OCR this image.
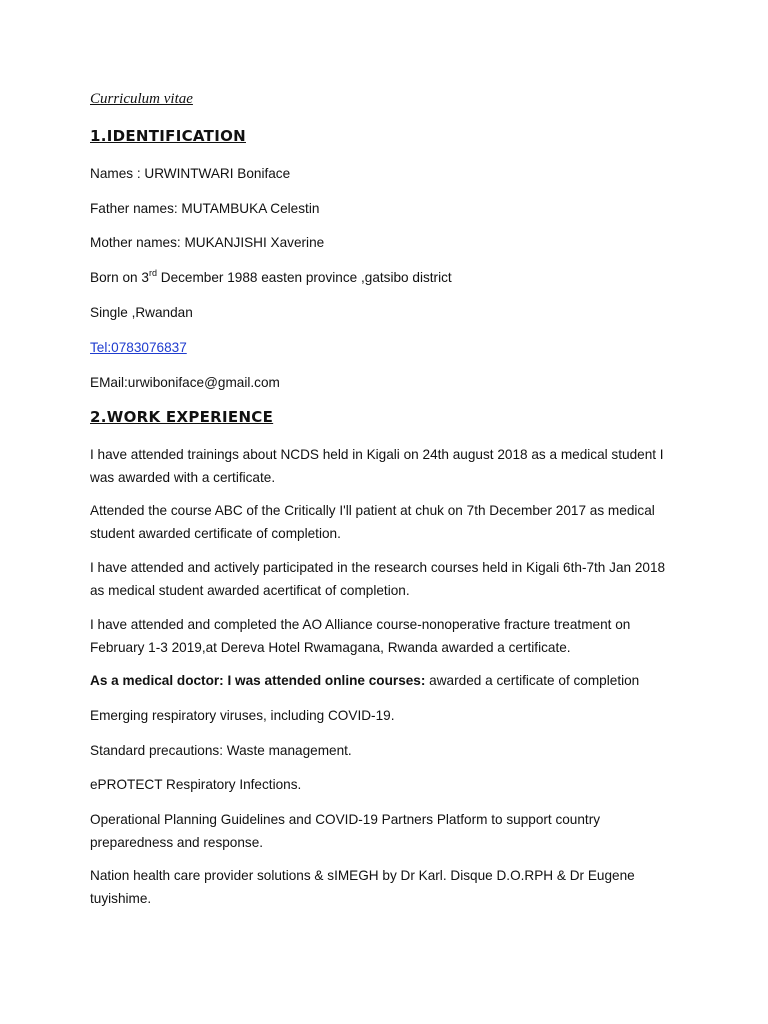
Curriculum vitae
1.IDENTIFICATION
Names : URWINTWARI Boniface
Father names: MUTAMBUKA Celestin
Mother names: MUKANJISHI Xaverine
Born on 3rd December 1988 easten province ,gatsibo district
Single ,Rwandan
Tel:0783076837
EMail:urwiboniface@gmail.com
2.WORK EXPERIENCE
I have attended trainings about NCDS held in Kigali on 24th august 2018 as a medical student I was awarded with a certificate.
Attended the course ABC of the Critically I'll patient at chuk on 7th December 2017 as medical student awarded certificate of completion.
I have attended and actively participated in the research courses held in Kigali 6th-7th Jan 2018 as medical student awarded acertificat of completion.
I have attended and completed the AO Alliance course-nonoperative fracture treatment on February 1-3 2019,at Dereva Hotel Rwamagana, Rwanda awarded a certificate.
As a medical doctor: I was attended online courses: awarded a certificate of completion
Emerging respiratory viruses, including COVID-19.
Standard precautions: Waste management.
ePROTECT Respiratory Infections.
Operational Planning Guidelines and COVID-19 Partners Platform to support country preparedness and response.
Nation health care provider solutions & sIMEGH by Dr Karl. Disque D.O.RPH & Dr Eugene tuyishime.
